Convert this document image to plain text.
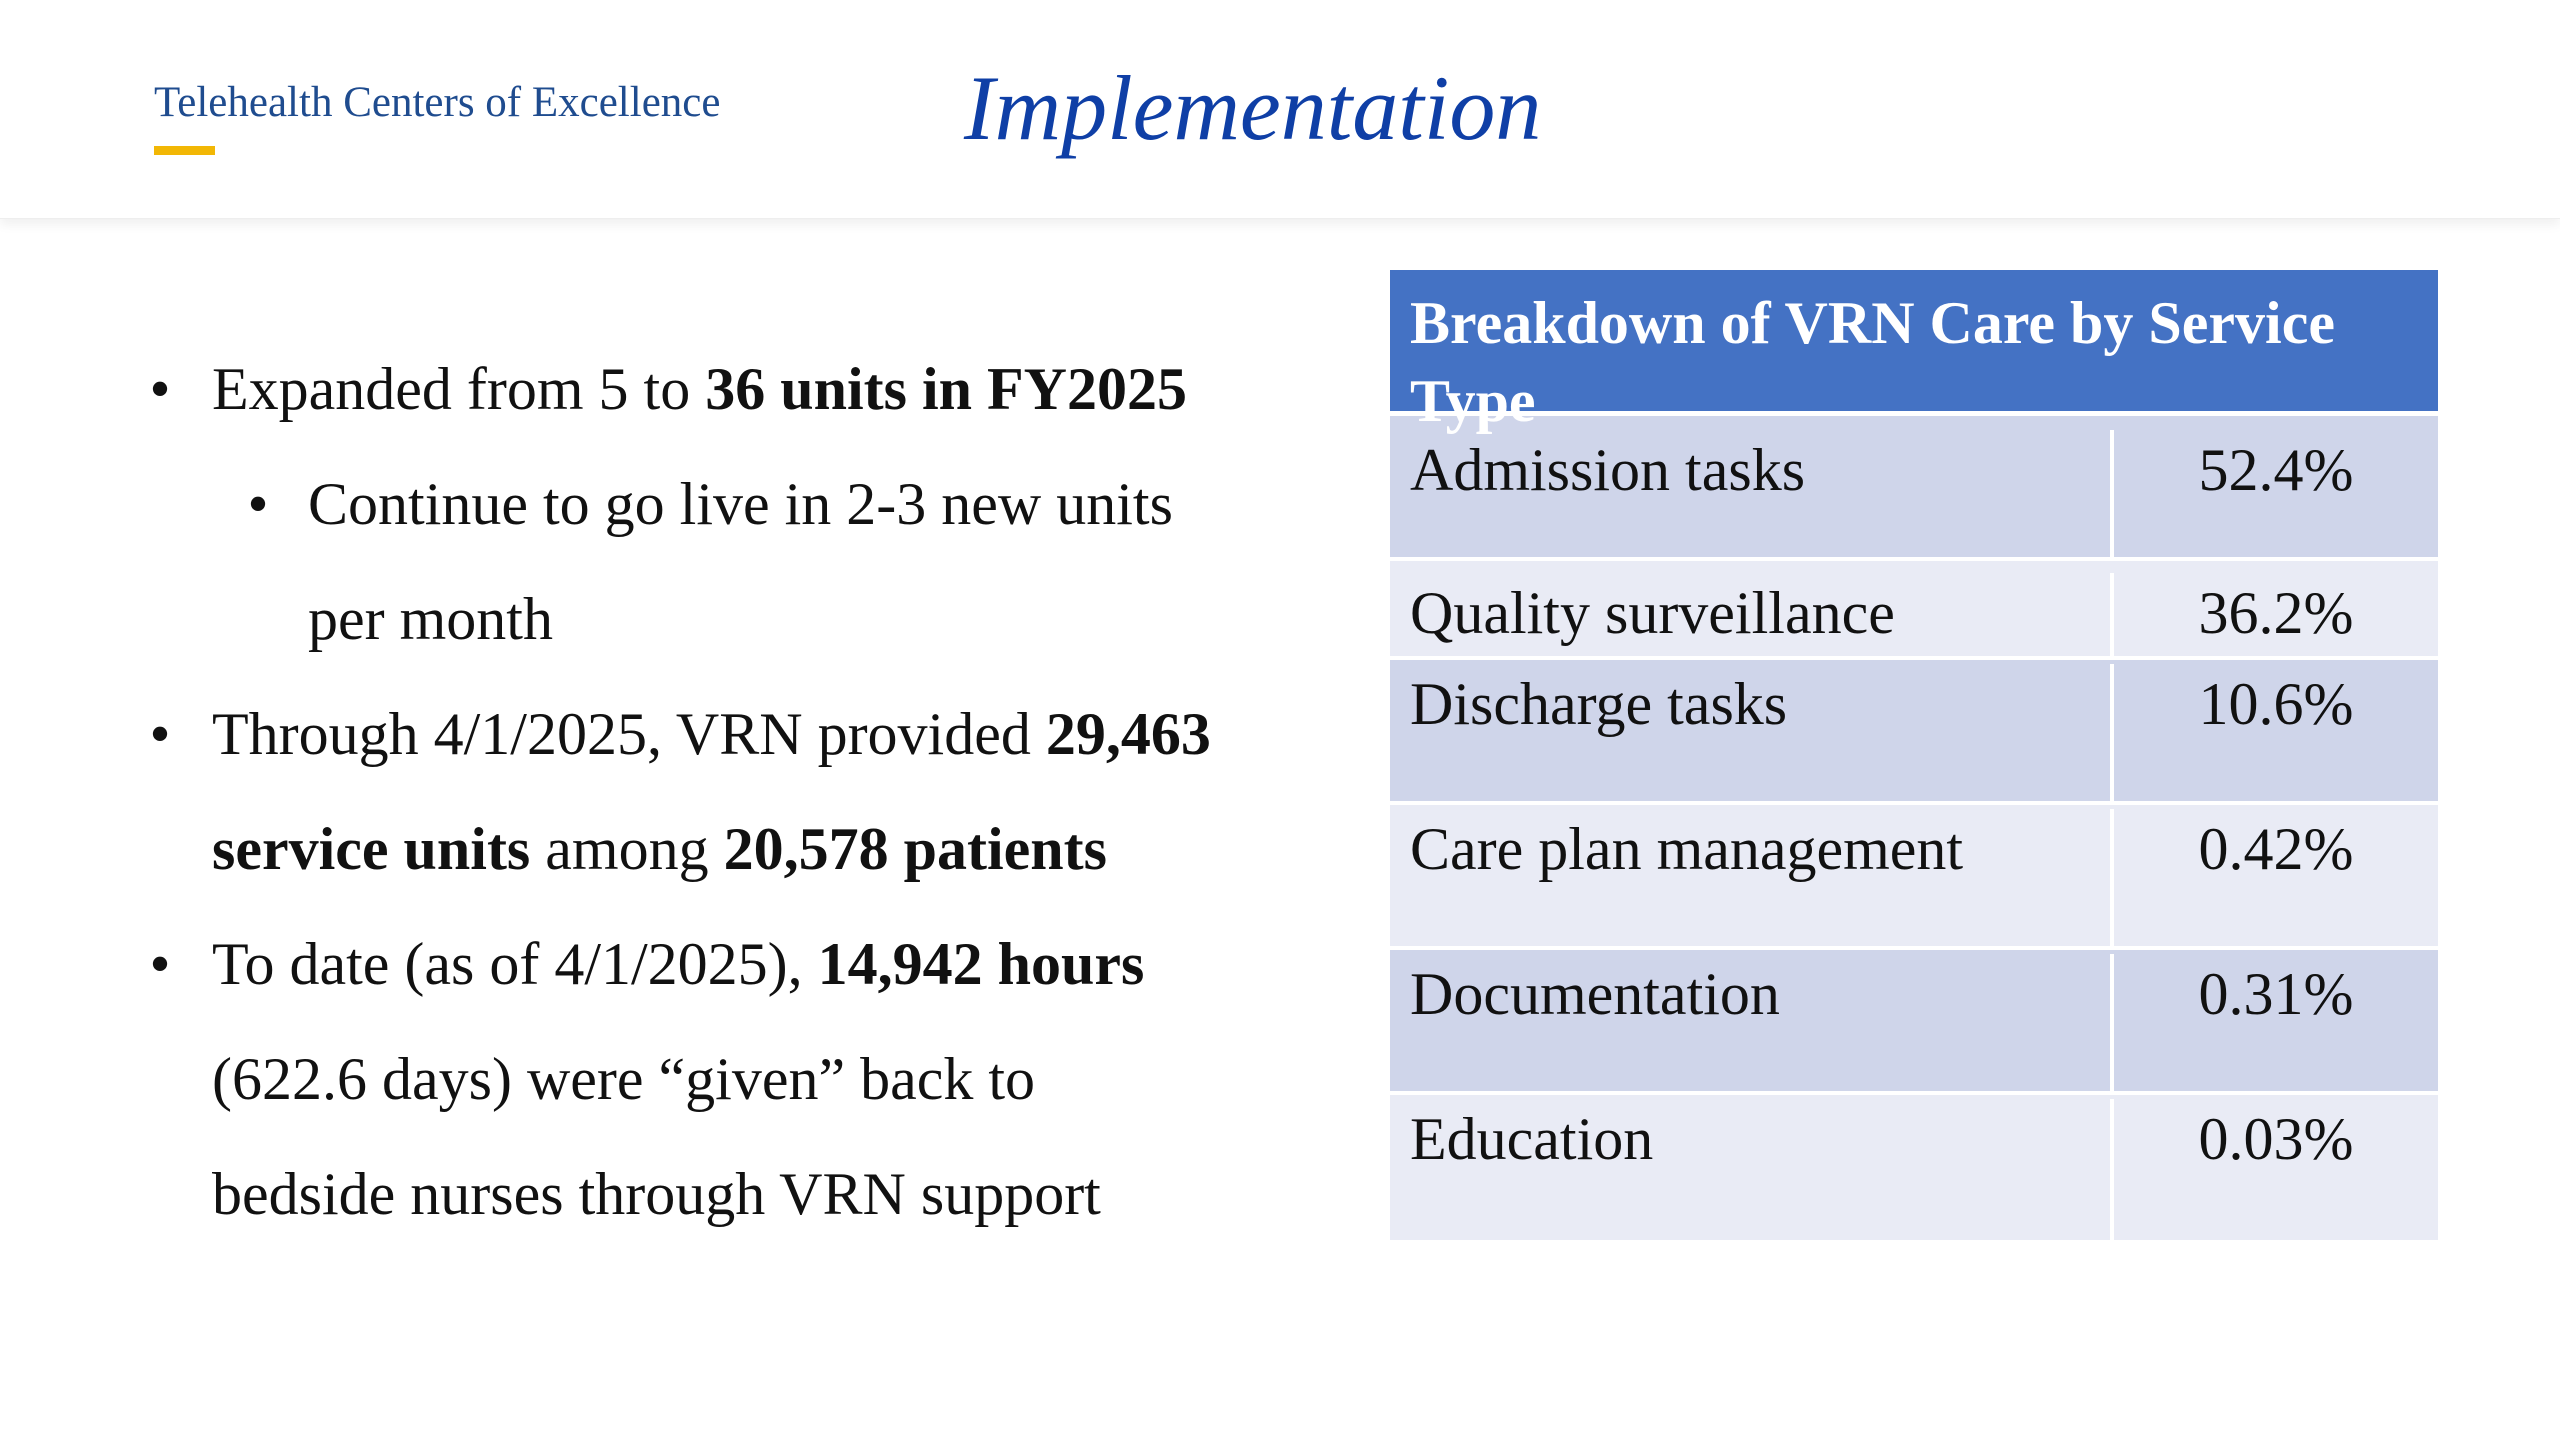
Telehealth Centers of Excellence	Implementation
• Expanded from 5 to 36 units in FY2025
• Continue to go live in 2-3 new units
per month
• Through 4/1/2025, VRN provided 29,463
service units among 20,578 patients
• To date (as of 4/1/2025), 14,942 hours
(622.6 days) were “given” back to
bedside nurses through VRN support
Breakdown of VRN Care by Service Type
Admission tasks	52.4%
Quality surveillance	36.2%
Discharge tasks	10.6%
Care plan management	0.42%
Documentation	0.31%
Education	0.03%
